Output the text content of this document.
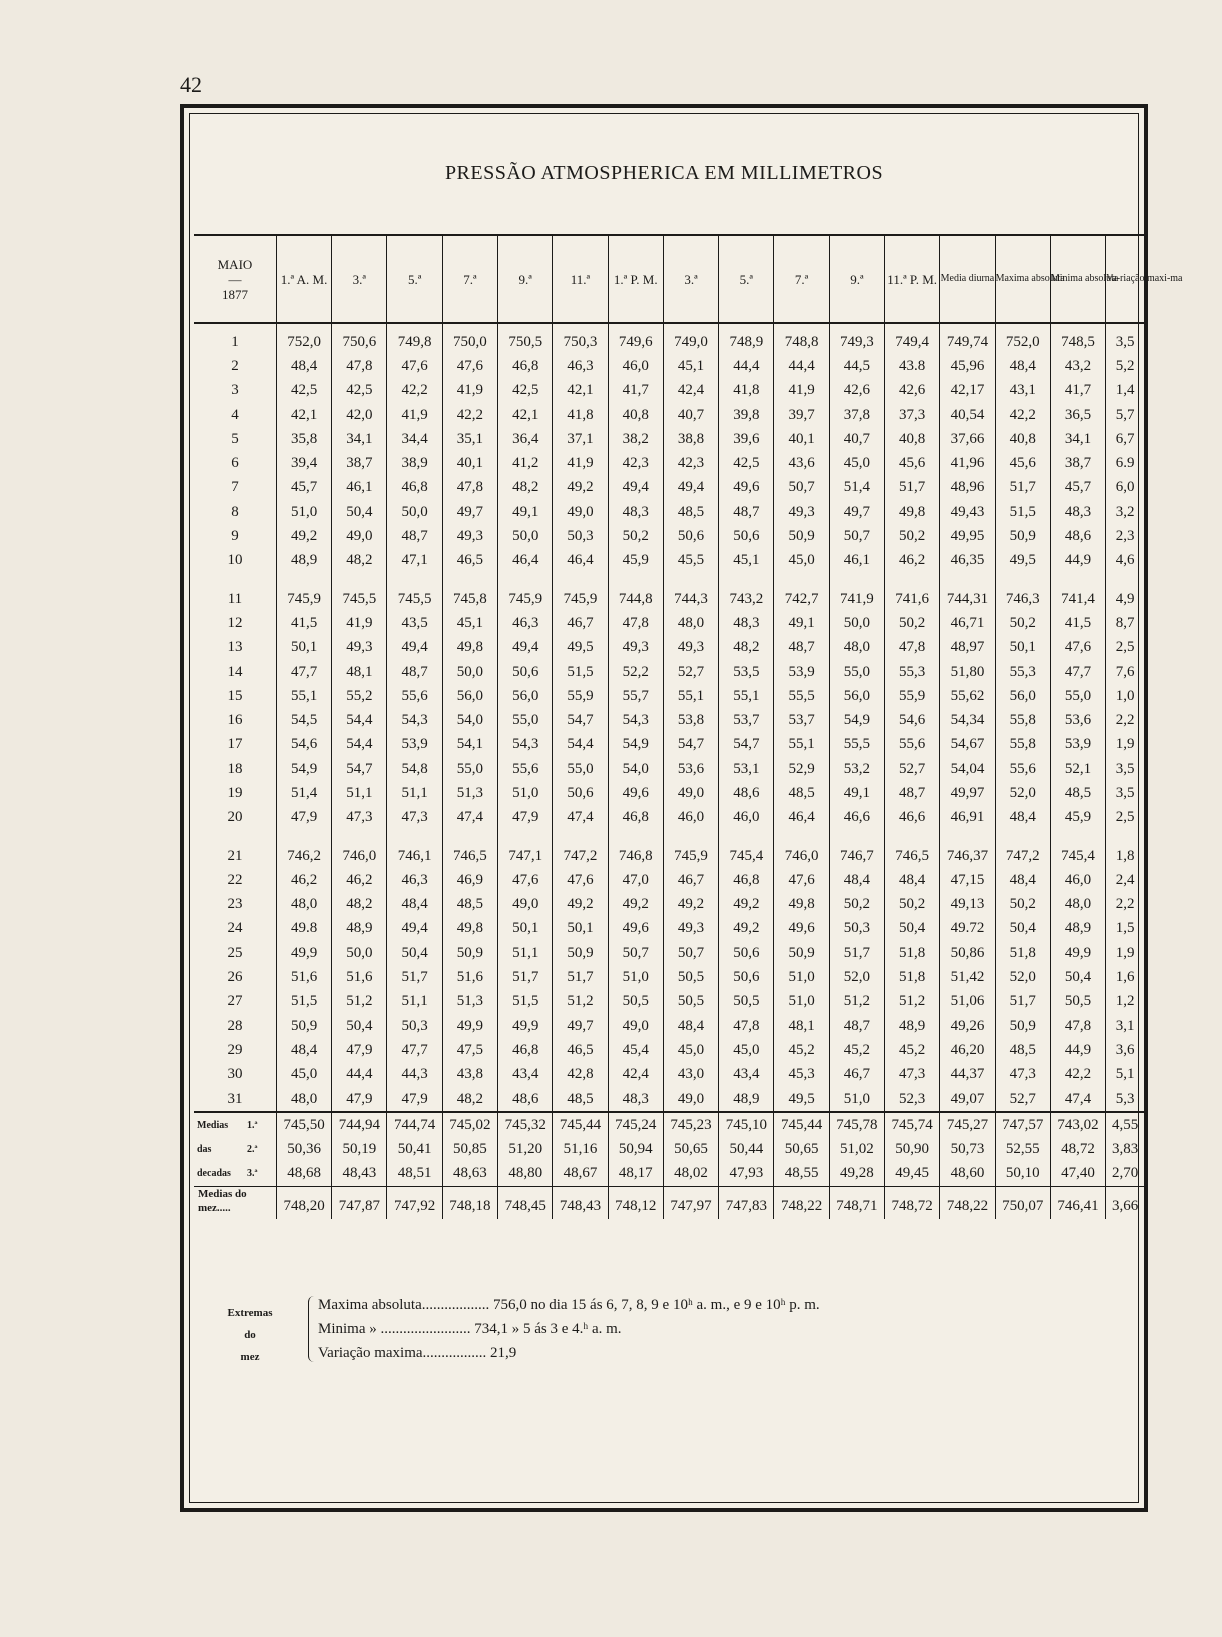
42
PRESSÃO ATMOSPHERICA EM MILLIMETROS
MAIO
—
1877	1.ª A. M.	3.ª	5.ª	7.ª	9.ª	11.ª	1.ª P. M.	3.ª	5.ª	7.ª	9.ª	11.ª P. M.	Media diurna	Maxima absoluta	Minima absoluta	Va-riação maxi-ma
1	752,0	750,6	749,8	750,0	750,5	750,3	749,6	749,0	748,9	748,8	749,3	749,4	749,74	752,0	748,5	3,5
2	48,4	47,8	47,6	47,6	46,8	46,3	46,0	45,1	44,4	44,4	44,5	43.8	45,96	48,4	43,2	5,2
3	42,5	42,5	42,2	41,9	42,5	42,1	41,7	42,4	41,8	41,9	42,6	42,6	42,17	43,1	41,7	1,4
4	42,1	42,0	41,9	42,2	42,1	41,8	40,8	40,7	39,8	39,7	37,8	37,3	40,54	42,2	36,5	5,7
5	35,8	34,1	34,4	35,1	36,4	37,1	38,2	38,8	39,6	40,1	40,7	40,8	37,66	40,8	34,1	6,7
6	39,4	38,7	38,9	40,1	41,2	41,9	42,3	42,3	42,5	43,6	45,0	45,6	41,96	45,6	38,7	6.9
7	45,7	46,1	46,8	47,8	48,2	49,2	49,4	49,4	49,6	50,7	51,4	51,7	48,96	51,7	45,7	6,0
8	51,0	50,4	50,0	49,7	49,1	49,0	48,3	48,5	48,7	49,3	49,7	49,8	49,43	51,5	48,3	3,2
9	49,2	49,0	48,7	49,3	50,0	50,3	50,2	50,6	50,6	50,9	50,7	50,2	49,95	50,9	48,6	2,3
10	48,9	48,2	47,1	46,5	46,4	46,4	45,9	45,5	45,1	45,0	46,1	46,2	46,35	49,5	44,9	4,6

11	745,9	745,5	745,5	745,8	745,9	745,9	744,8	744,3	743,2	742,7	741,9	741,6	744,31	746,3	741,4	4,9
12	41,5	41,9	43,5	45,1	46,3	46,7	47,8	48,0	48,3	49,1	50,0	50,2	46,71	50,2	41,5	8,7
13	50,1	49,3	49,4	49,8	49,4	49,5	49,3	49,3	48,2	48,7	48,0	47,8	48,97	50,1	47,6	2,5
14	47,7	48,1	48,7	50,0	50,6	51,5	52,2	52,7	53,5	53,9	55,0	55,3	51,80	55,3	47,7	7,6
15	55,1	55,2	55,6	56,0	56,0	55,9	55,7	55,1	55,1	55,5	56,0	55,9	55,62	56,0	55,0	1,0
16	54,5	54,4	54,3	54,0	55,0	54,7	54,3	53,8	53,7	53,7	54,9	54,6	54,34	55,8	53,6	2,2
17	54,6	54,4	53,9	54,1	54,3	54,4	54,9	54,7	54,7	55,1	55,5	55,6	54,67	55,8	53,9	1,9
18	54,9	54,7	54,8	55,0	55,6	55,0	54,0	53,6	53,1	52,9	53,2	52,7	54,04	55,6	52,1	3,5
19	51,4	51,1	51,1	51,3	51,0	50,6	49,6	49,0	48,6	48,5	49,1	48,7	49,97	52,0	48,5	3,5
20	47,9	47,3	47,3	47,4	47,9	47,4	46,8	46,0	46,0	46,4	46,6	46,6	46,91	48,4	45,9	2,5

21	746,2	746,0	746,1	746,5	747,1	747,2	746,8	745,9	745,4	746,0	746,7	746,5	746,37	747,2	745,4	1,8
22	46,2	46,2	46,3	46,9	47,6	47,6	47,0	46,7	46,8	47,6	48,4	48,4	47,15	48,4	46,0	2,4
23	48,0	48,2	48,4	48,5	49,0	49,2	49,2	49,2	49,2	49,8	50,2	50,2	49,13	50,2	48,0	2,2
24	49.8	48,9	49,4	49,8	50,1	50,1	49,6	49,3	49,2	49,6	50,3	50,4	49.72	50,4	48,9	1,5
25	49,9	50,0	50,4	50,9	51,1	50,9	50,7	50,7	50,6	50,9	51,7	51,8	50,86	51,8	49,9	1,9
26	51,6	51,6	51,7	51,6	51,7	51,7	51,0	50,5	50,6	51,0	52,0	51,8	51,42	52,0	50,4	1,6
27	51,5	51,2	51,1	51,3	51,5	51,2	50,5	50,5	50,5	51,0	51,2	51,2	51,06	51,7	50,5	1,2
28	50,9	50,4	50,3	49,9	49,9	49,7	49,0	48,4	47,8	48,1	48,7	48,9	49,26	50,9	47,8	3,1
29	48,4	47,9	47,7	47,5	46,8	46,5	45,4	45,0	45,0	45,2	45,2	45,2	46,20	48,5	44,9	3,6
30	45,0	44,4	44,3	43,8	43,4	42,8	42,4	43,0	43,4	45,3	46,7	47,3	44,37	47,3	42,2	5,1
31	48,0	47,9	47,9	48,2	48,6	48,5	48,3	49,0	48,9	49,5	51,0	52,3	49,07	52,7	47,4	5,3
Medias 1.ª	745,50	744,94	744,74	745,02	745,32	745,44	745,24	745,23	745,10	745,44	745,78	745,74	745,27	747,57	743,02	4,55
das 2.ª	50,36	50,19	50,41	50,85	51,20	51,16	50,94	50,65	50,44	50,65	51,02	50,90	50,73	52,55	48,72	3,83
decadas 3.ª	48,68	48,43	48,51	48,63	48,80	48,67	48,17	48,02	47,93	48,55	49,28	49,45	48,60	50,10	47,40	2,70

Medias do
mez.....	748,20	747,87	747,92	748,18	748,45	748,43	748,12	747,97	747,83	748,22	748,71	748,72	748,22	750,07	746,41	3,66
Extremas
do
mez
Maxima absoluta.................. 756,0 no dia 15 ás 6, 7, 8, 9 e 10ʰ a. m., e 9 e 10ʰ p. m.
Minima » ........................ 734,1 » 5 ás 3 e 4.ʰ a. m.
Variação maxima................. 21,9
